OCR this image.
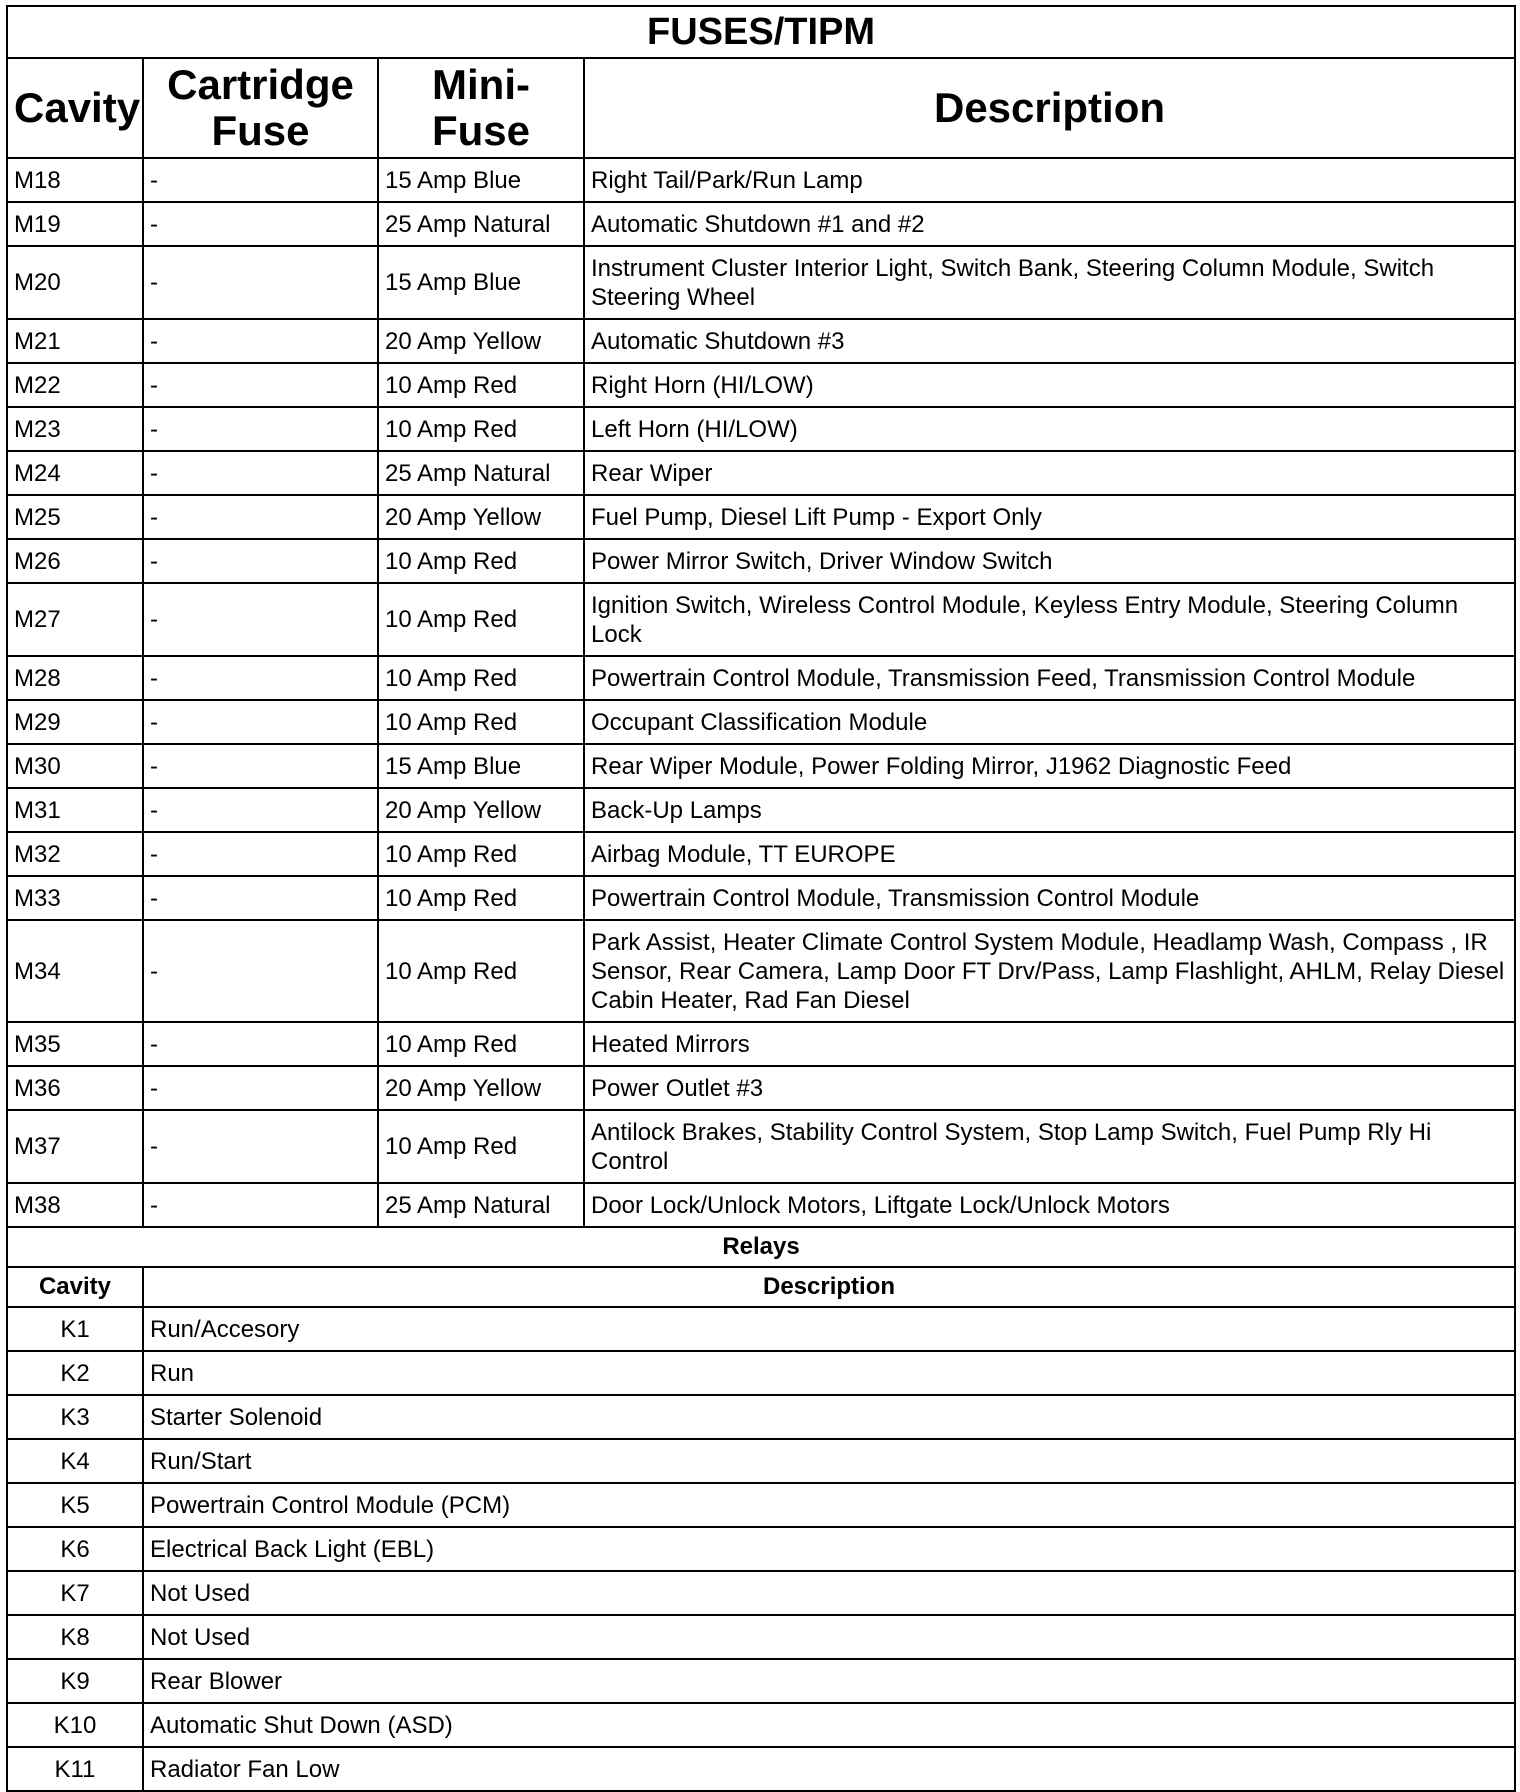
FUSES/TIPM			
Cavity	Cartridge Fuse	Mini-Fuse	Description
M18	-	15 Amp Blue	Right Tail/Park/Run Lamp
M19	-	25 Amp Natural	Automatic Shutdown #1 and #2
M20	-	15 Amp Blue	Instrument Cluster Interior Light, Switch Bank, Steering Column Module, Switch Steering Wheel
M21	-	20 Amp Yellow	Automatic Shutdown #3
M22	-	10 Amp Red	Right Horn (HI/LOW)
M23	-	10 Amp Red	Left Horn (HI/LOW)
M24	-	25 Amp Natural	Rear Wiper
M25	-	20 Amp Yellow	Fuel Pump, Diesel Lift Pump - Export Only
M26	-	10 Amp Red	Power Mirror Switch, Driver Window Switch
M27	-	10 Amp Red	Ignition Switch, Wireless Control Module, Keyless Entry Module, Steering Column Lock
M28	-	10 Amp Red	Powertrain Control Module, Transmission Feed, Transmission Control Module
M29	-	10 Amp Red	Occupant Classification Module
M30	-	15 Amp Blue	Rear Wiper Module, Power Folding Mirror, J1962 Diagnostic Feed
M31	-	20 Amp Yellow	Back-Up Lamps
M32	-	10 Amp Red	Airbag Module, TT EUROPE
M33	-	10 Amp Red	Powertrain Control Module, Transmission Control Module
M34	-	10 Amp Red	Park Assist, Heater Climate Control System Module, Headlamp Wash, Compass , IR Sensor, Rear Camera, Lamp Door FT Drv/Pass, Lamp Flashlight, AHLM, Relay Diesel Cabin Heater, Rad Fan Diesel
M35	-	10 Amp Red	Heated Mirrors
M36	-	20 Amp Yellow	Power Outlet #3
M37	-	10 Amp Red	Antilock Brakes, Stability Control System, Stop Lamp Switch, Fuel Pump Rly Hi Control
M38	-	25 Amp Natural	Door Lock/Unlock Motors, Liftgate Lock/Unlock Motors
Relays	
Cavity	Description
K1	Run/Accesory
K2	Run
K3	Starter Solenoid
K4	Run/Start
K5	Powertrain Control Module (PCM)
K6	Electrical Back Light (EBL)
K7	Not Used
K8	Not Used
K9	Rear Blower
K10	Automatic Shut Down (ASD)
K11	Radiator Fan Low
